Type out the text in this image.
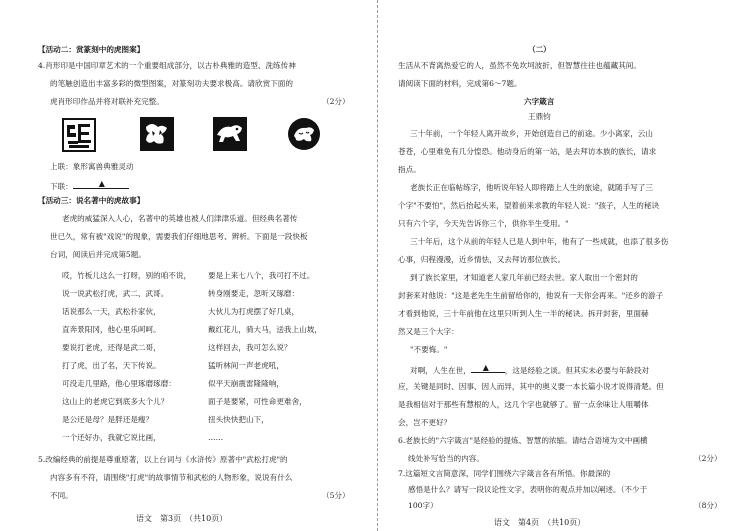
【活动二：赏篆刻中的虎图案】
4.肖形印是中国印章艺术的一个重要组成部分，以古朴典雅的造型、洗练传神
的笔触创造出丰富多彩的微型图案，对篆刻功夫要求极高。请欣赏下面的
虎肖形印作品并将对联补充完整。	（2分）
上联：象形寓兽典雅灵动
下联：	▲
【活动三：说名著中的虎故事】
老虎的威猛深入人心，名著中的英雄也被人们津津乐道。但经典名著传
世已久，常有被"戏说"的现象，需要我们仔细地思考、辨析。下面是一段快板
台词，阅读后并完成第5题。
哎，竹板儿这么一打呀，别的咱不说，
说一说武松打虎，武二、武哥。
话说那么一天，武松扑家伙，
直奔景阳冈，他心里乐呵呵。
要说打老虎，还得是武二哥，
打了虎，出了名，天下传说。
可没走几里路，他心里琢磨琢磨：
这山上的老虎它到底多大个儿？
是公还是母？是胖还是瘦？
一个还好办，我就它说比画，
要是上来七八个，我可打不过。
转身刚要走，忽听又琢磨：
大伙儿为打虎摆了好几桌，
戴红花儿，骑大马，送我上山坡，
这样回去，我可怎么说？
猛听林间一声老虎吼，
似平天崩震雷隆隆响，
面子是要紧，可性命更难舍，
扭头快快把山下，
……
5.改编经典的前提是尊重原著，以上台词与《水浒传》原著中"武松打虎"的
内容多有不符，请围绕"打虎"的故事情节和武松的人物形象，说说有什么
不同。	（5分）
语文　第3页　（共10页）
（二）
生活从不背离热爱它的人，虽然不免坎坷波折，但智慧往往也蕴藏其间。
请阅读下面的材料，完成第6～7题。
六字箴言
王鼎钧
三十年前，一个年轻人离开故乡，开始创造自己的前途。少小离家，云山
苍苍，心里难免有几分惶恐。他动身后的第一站，是去拜访本族的族长，请求
指点。
老族长正在临帖练字，他听说年轻人即将踏上人生的旅途，就随手写了三
个字"不要怕"，然后抬起头来，望着前来求教的年轻人说："孩子，人生的秘诀
只有六个字，今天先告诉你三个，供你半生受用。"
三十年后，这个从前的年轻人已是人到中年，他有了一些成就，也添了很多伤
心事，归程漫漫，近乡情怯，又去拜访那位族长。
到了族长家里，才知道老人家几年前已经去世。家人取出一个密封的
封套来对他说："这是老先生生前留给你的，他说有一天你会再来。"还乡的游子
才看到他说，三十年前他在这里只听到人生一半的秘诀。拆开封套，里面赫
然又是三个大字：
"不要悔。"
对啊，人生在世， ▲ ，这是经验之谈。但其实未必要与年龄段对
应，关键是同时、因事、因人而异，其中的奥义要一本长篇小说才说得清楚。但
是我相信对于那些有慧根的人，这几个字也就够了。留一点余味让人咀嚼体
会，岂不更好？
6.老族长的"六字箴言"是经验的提炼、智慧的浓缩。请结合语境为文中画横
线处补写恰当的内容。	（2分）
7.这篇短文言简意深，同学们围绕六字箴言各有所悟。你最深的
感悟是什么？请写一段议论性文字，表明你的观点并加以阐述。（不少于
100字）	（8分）
语文　第4页　（共10页）
